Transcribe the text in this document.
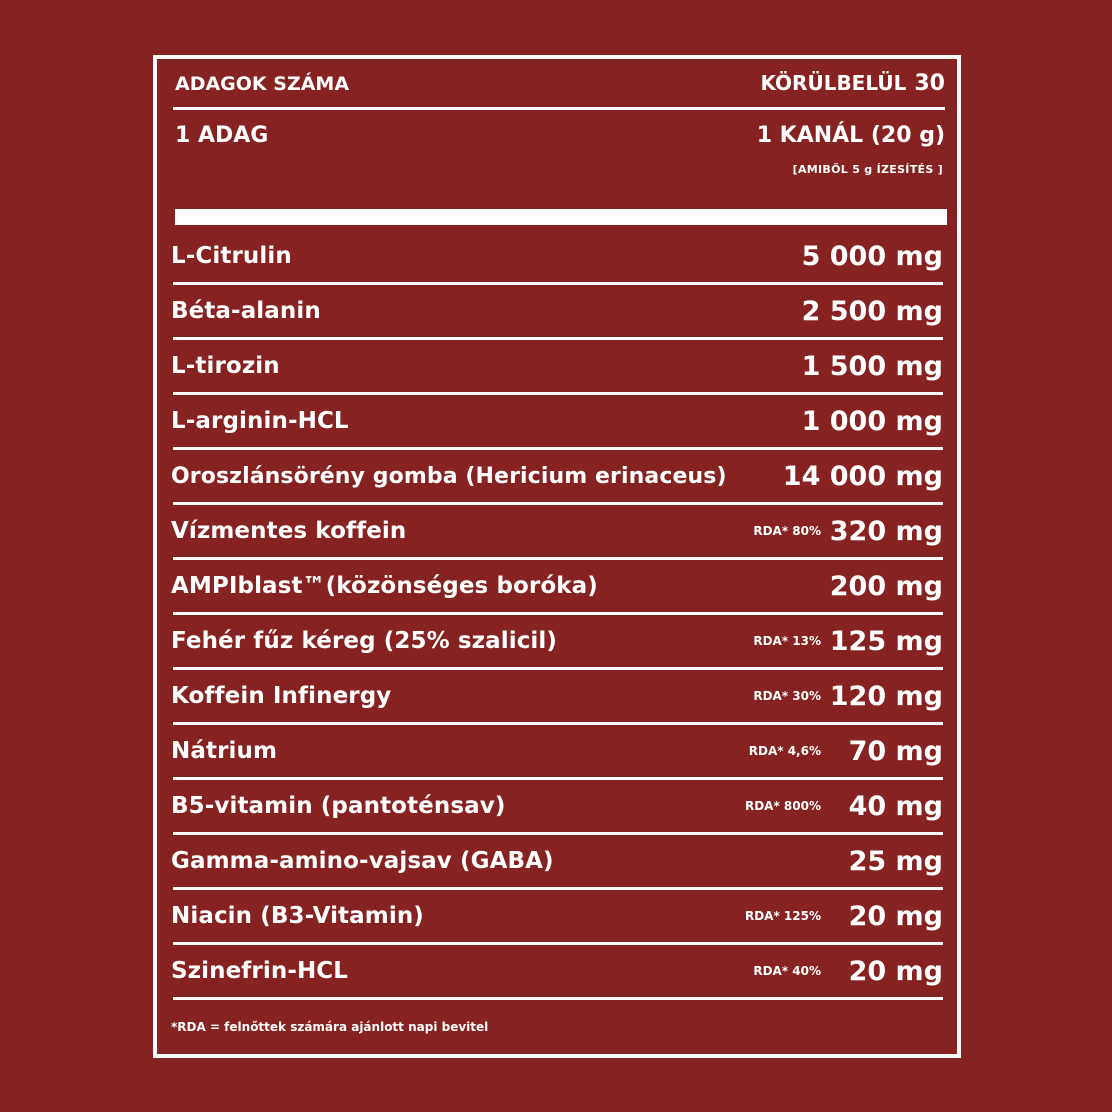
ADAGOK SZÁMA	KÖRÜLBELÜL 30
1 ADAG	1 KANÁL (20 g)
[AMIBŐL 5 g ÍZESÍTÉS ]
L-Citrulin	5 000 mg
Béta-alanin	2 500 mg
L-tirozin	1 500 mg
L-arginin-HCL	1 000 mg
Oroszlánsörény gomba (Hericium erinaceus) 14 000 mg
Vízmentes koffein	RDA* 80% 320 mg
AMPIblast™(közönséges boróka)	200 mg
Fehér fűz kéreg (25% szalicil)	RDA* 13% 125 mg
Koffein Infinergy	RDA* 30% 120 mg
Nátrium	RDA* 4,6% 70 mg
B5-vitamin (pantoténsav)	RDA* 800% 40 mg
Gamma-amino-vajsav (GABA)	25 mg
Niacin (B3-Vitamin)	RDA* 125% 20 mg
Szinefrin-HCL	RDA* 40% 20 mg
*RDA = felnőttek számára ajánlott napi bevitel
